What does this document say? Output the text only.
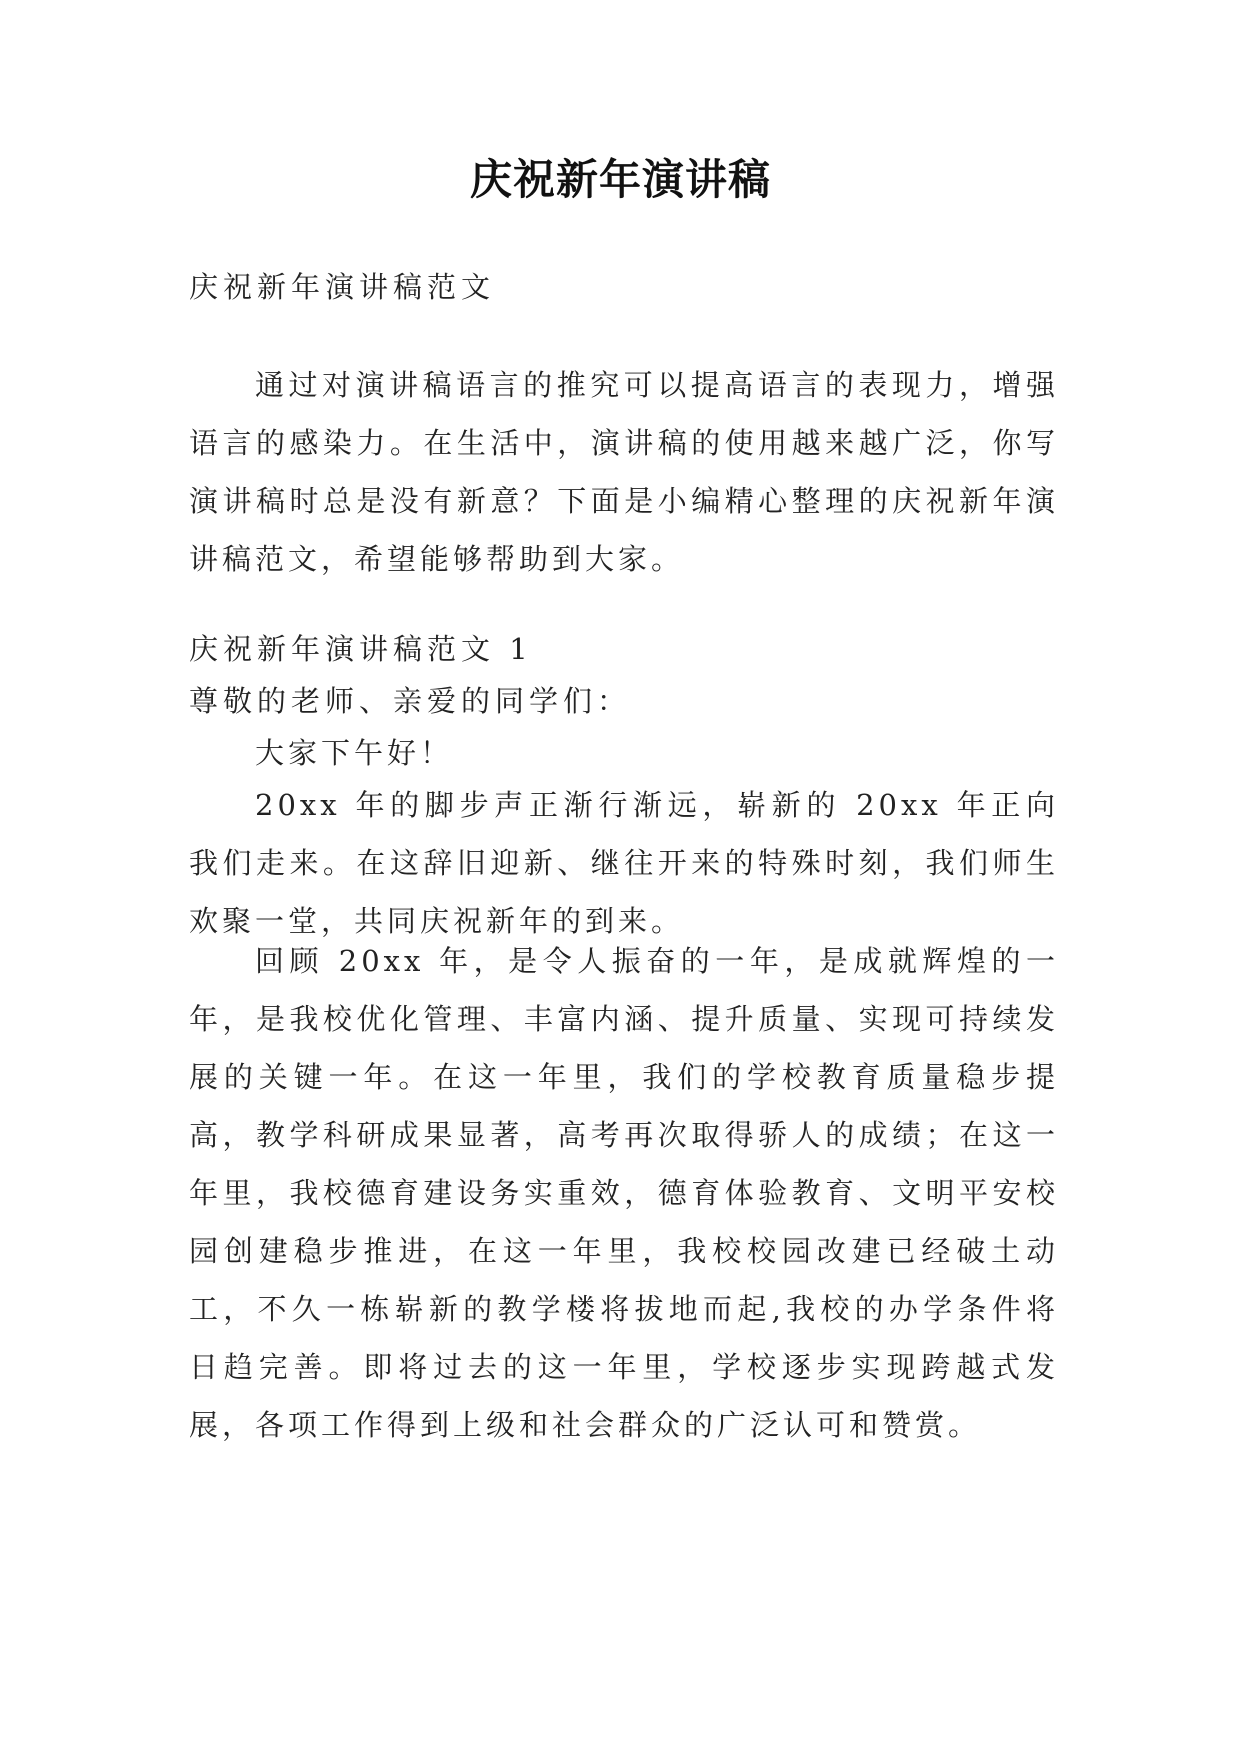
庆祝新年演讲稿
庆祝新年演讲稿范文
通过对演讲稿语言的推究可以提高语言的表现力，增强语言的感染力。在生活中，演讲稿的使用越来越广泛，你写演讲稿时总是没有新意？下面是小编精心整理的庆祝新年演讲稿范文，希望能够帮助到大家。
庆祝新年演讲稿范文 1
尊敬的老师、亲爱的同学们：
大家下午好！
20xx 年的脚步声正渐行渐远，崭新的 20xx 年正向我们走来。在这辞旧迎新、继往开来的特殊时刻，我们师生欢聚一堂，共同庆祝新年的到来。
回顾 20xx 年，是令人振奋的一年，是成就辉煌的一年，是我校优化管理、丰富内涵、提升质量、实现可持续发展的关键一年。在这一年里，我们的学校教育质量稳步提高，教学科研成果显著，高考再次取得骄人的成绩；在这一年里，我校德育建设务实重效，德育体验教育、文明平安校园创建稳步推进，在这一年里，我校校园改建已经破土动工，不久一栋崭新的教学楼将拔地而起,我校的办学条件将日趋完善。即将过去的这一年里，学校逐步实现跨越式发展，各项工作得到上级和社会群众的广泛认可和赞赏。
